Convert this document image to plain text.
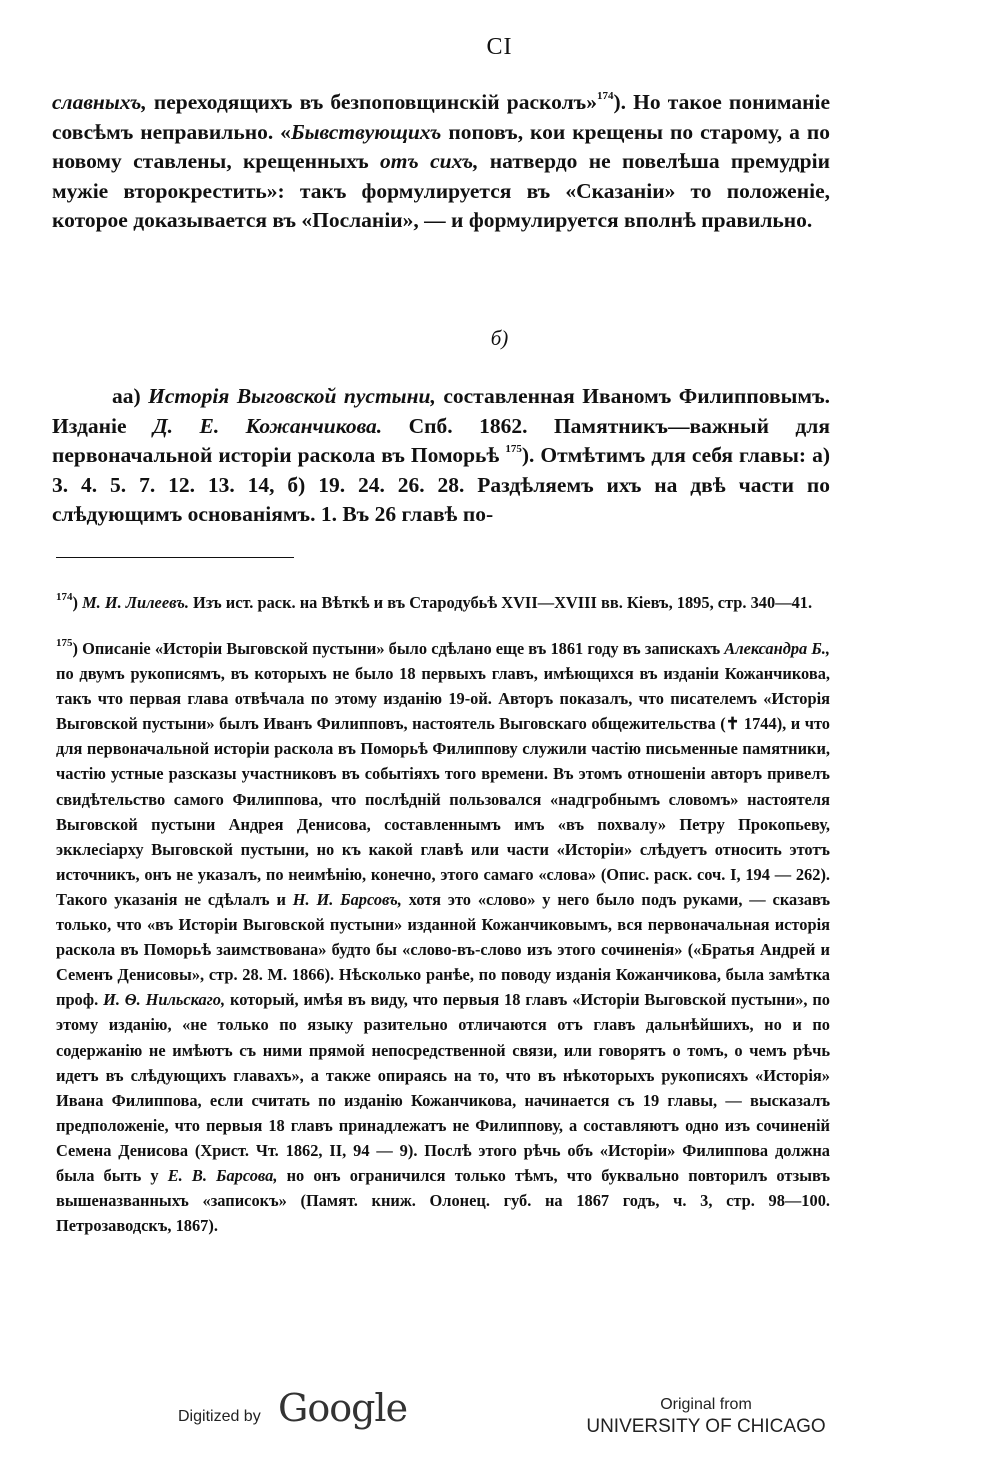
CI
славныхъ, переходящихъ въ безпоповщинскій расколъ»$^{174}$). Но такое пониманіе совсѣмъ неправильно. «Бывствующихъ поповъ, кои крещены по старому, а по новому ставлены, крещенныхъ отъ сихъ, натвердо не повелѣша премудріи мужіе второкрестить»: такъ формулируется въ «Сказаніи» то положеніе, которое доказывается въ «Посланіи», — и формулируется вполнѣ правильно.
б)
аа) Исторія Выговской пустыни, составленная Иваномъ Филипповымъ. Изданіе Д. Е. Кожанчикова. Спб. 1862. Памятникъ—важный для первоначальной исторіи раскола въ Поморьѣ $^{175}$). Отмѣтимъ для себя главы: а) 3. 4. 5. 7. 12. 13. 14, б) 19. 24. 26. 28. Раздѣляемъ ихъ на двѣ части по слѣдующимъ основаніямъ. 1. Въ 26 главѣ по-
$^{174}$) М. И. Лилеевъ. Изъ ист. раск. на Вѣткѣ и въ Стародубьѣ XVII—XVIII вв. Кіевъ, 1895, стр. 340—41.
$^{175}$) Описаніе «Исторіи Выговской пустыни» было сдѣлано еще въ 1861 году въ запискахъ Александра Б., по двумъ рукописямъ, въ которыхъ не было 18 первыхъ главъ, имѣющихся въ изданіи Кожанчикова, такъ что первая глава отвѣчала по этому изданію 19-ой. Авторъ показалъ, что писателемъ «Исторія Выговской пустыни» былъ Иванъ Филипповъ, настоятель Выговскаго общежительства (✝ 1744), и что для первоначальной исторіи раскола въ Поморьѣ Филиппову служили частію письменные памятники, частію устные разсказы участниковъ въ событіяхъ того времени. Въ этомъ отношеніи авторъ привелъ свидѣтельство самого Филиппова, что послѣдній пользовался «надгробнымъ словомъ» настоятеля Выговской пустыни Андрея Денисова, составленнымъ имъ «въ похвалу» Петру Прокопьеву, экклесіарху Выговской пустыни, но къ какой главѣ или части «Исторіи» слѣдуетъ относить этотъ источникъ, онъ не указалъ, по неимѣнію, конечно, этого самаго «слова» (Опис. раск. соч. I, 194 — 262). Такого указанія не сдѣлалъ и Н. И. Барсовъ, хотя это «слово» у него было подъ руками, — сказавъ только, что «въ Исторіи Выговской пустыни» изданной Кожанчиковымъ, вся первоначальная исторія раскола въ Поморьѣ заимствована» будто бы «слово-въ-слово изъ этого сочиненія» («Братья Андрей и Семенъ Денисовы», стр. 28. М. 1866). Нѣсколько ранѣе, по поводу изданія Кожанчикова, была замѣтка проф. И. Ѳ. Нильскаго, который, имѣя въ виду, что первыя 18 главъ «Исторіи Выговской пустыни», по этому изданію, «не только по языку разительно отличаются отъ главъ дальнѣйшихъ, но и по содержанію не имѣютъ съ ними прямой непосредственной связи, или говорятъ о томъ, о чемъ рѣчь идетъ въ слѣдующихъ главахъ», а также опираясь на то, что въ нѣкоторыхъ рукописяхъ «Исторія» Ивана Филиппова, если считать по изданію Кожанчикова, начинается съ 19 главы, — высказалъ предположеніе, что первыя 18 главъ принадлежатъ не Филиппову, а составляютъ одно изъ сочиненій Семена Денисова (Христ. Чт. 1862, II, 94 — 9). Послѣ этого рѣчь объ «Исторіи» Филиппова должна была быть у Е. В. Барсова, но онъ ограничился только тѣмъ, что буквально повторилъ отзывъ вышеназванныхъ «записокъ» (Памят. книж. Олонец. губ. на 1867 годъ, ч. 3, стр. 98—100. Петрозаводскъ, 1867).
Digitized by Google	Original from
UNIVERSITY OF CHICAGO
